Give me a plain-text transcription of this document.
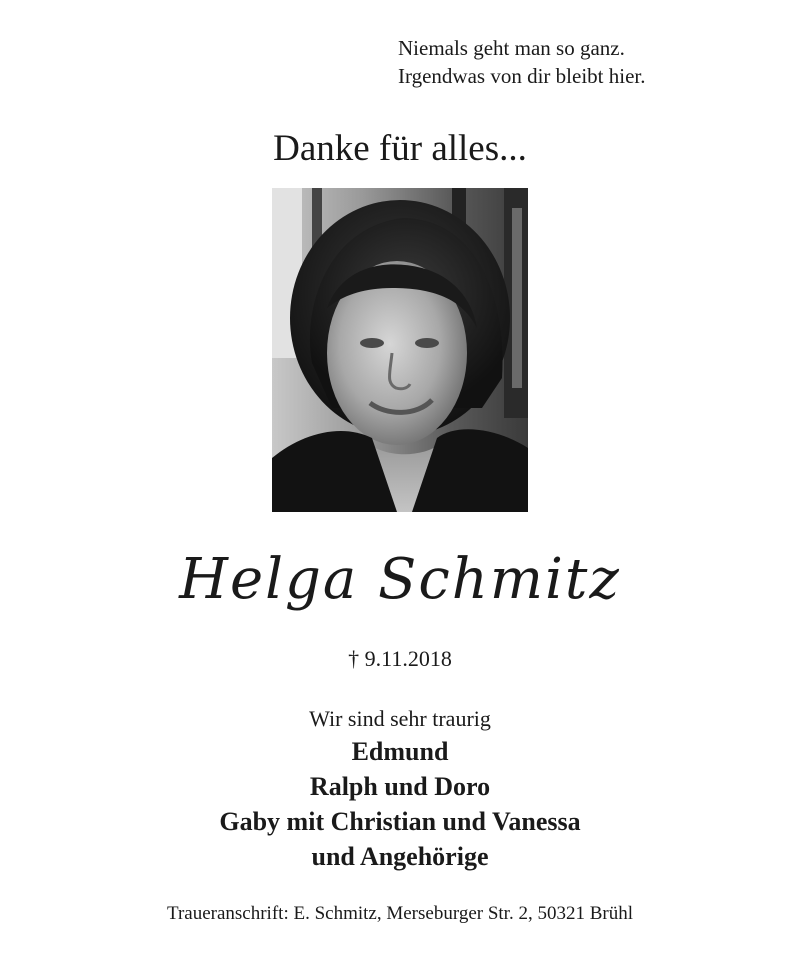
Niemals geht man so ganz.
Irgendwas von dir bleibt hier.
Danke für alles...
Helga Schmitz
† 9.11.2018
Wir sind sehr traurig
Edmund
Ralph und Doro
Gaby mit Christian und Vanessa
und Angehörige
Traueranschrift: E. Schmitz, Merseburger Str. 2, 50321 Brühl
